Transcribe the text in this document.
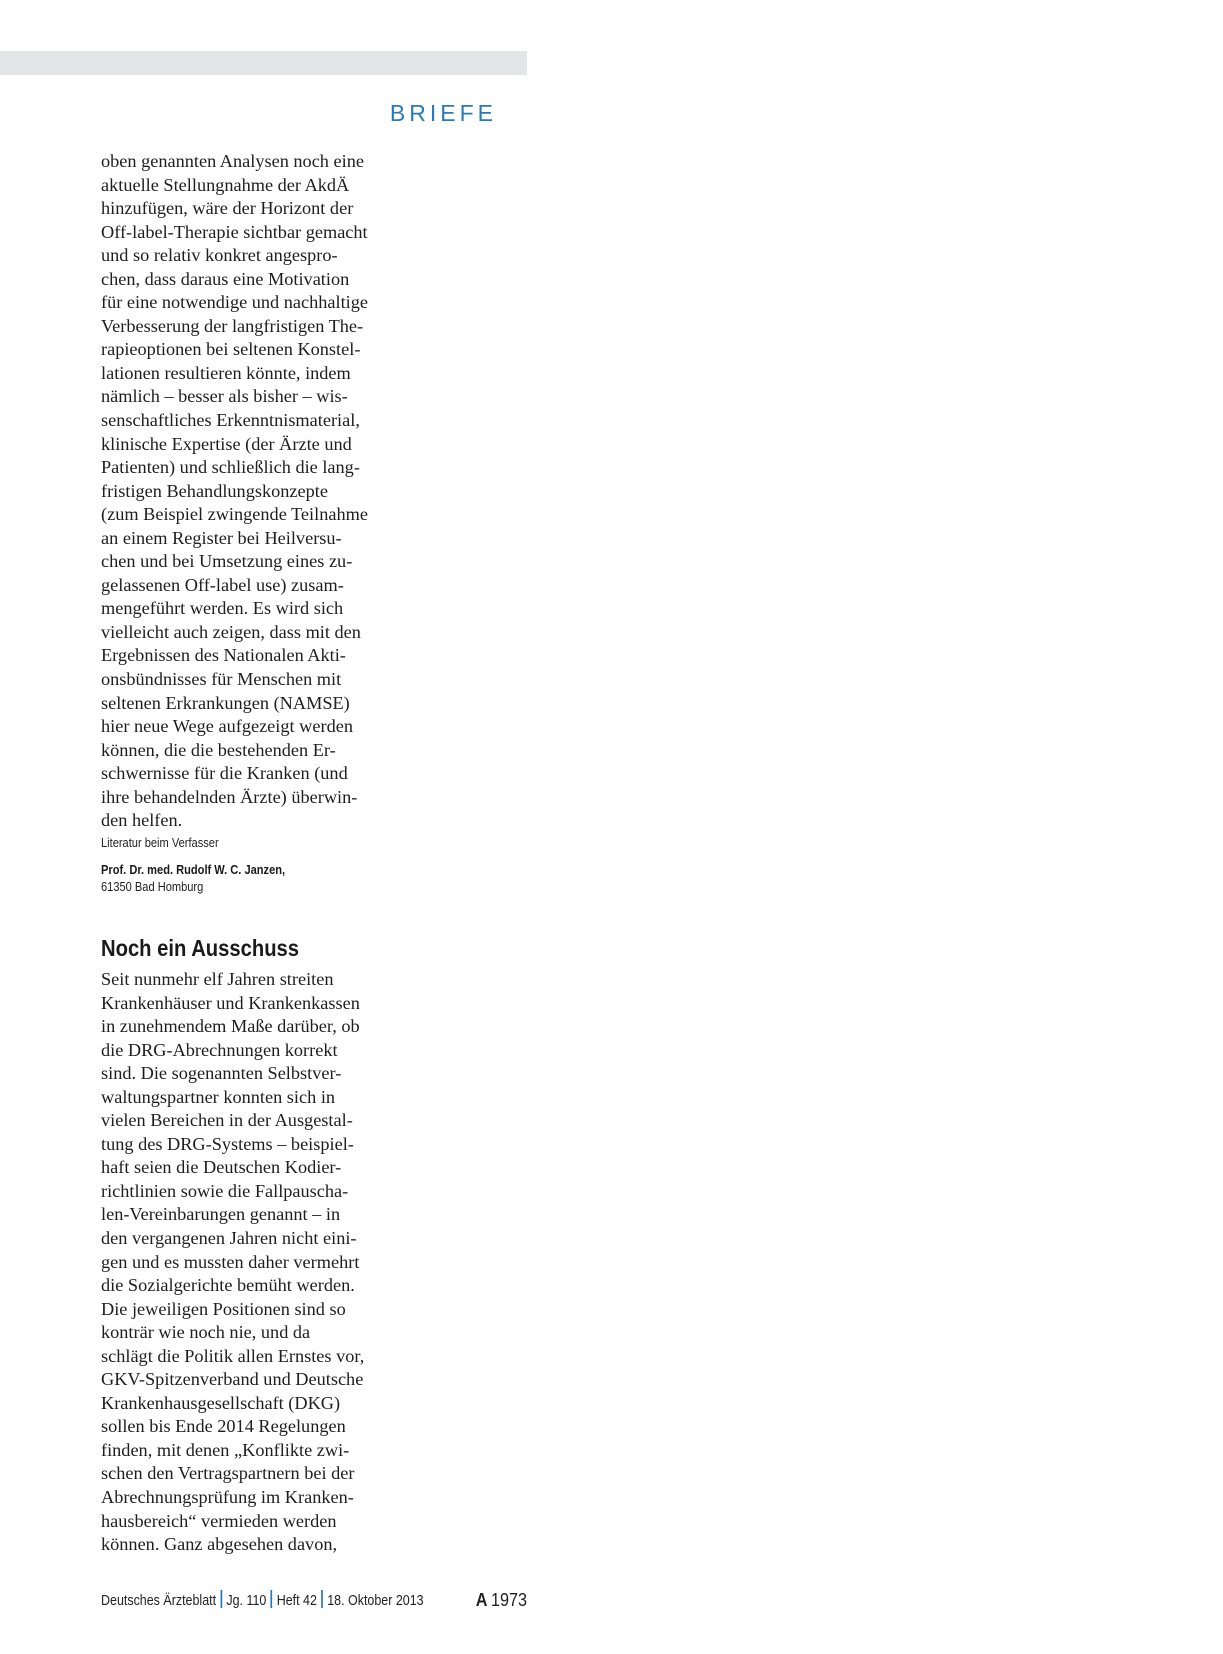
BRIEFE
oben genannten Analysen noch eine
aktuelle Stellungnahme der AkdÄ
hinzufügen, wäre der Horizont der
Off-label-Therapie sichtbar gemacht
und so relativ konkret angespro-
chen, dass daraus eine Motivation
für eine notwendige und nachhaltige
Verbesserung der langfristigen The-
rapieoptionen bei seltenen Konstel-
lationen resultieren könnte, indem
nämlich – besser als bisher – wis-
senschaftliches Erkenntnismaterial,
klinische Expertise (der Ärzte und
Patienten) und schließlich die lang-
fristigen Behandlungskonzepte
(zum Beispiel zwingende Teilnahme
an einem Register bei Heilversu-
chen und bei Umsetzung eines zu-
gelassenen Off-label use) zusam-
mengeführt werden. Es wird sich
vielleicht auch zeigen, dass mit den
Ergebnissen des Nationalen Akti-
onsbündnisses für Menschen mit
seltenen Erkrankungen (NAMSE)
hier neue Wege aufgezeigt werden
können, die die bestehenden Er-
schwernisse für die Kranken (und
ihre behandelnden Ärzte) überwin-
den helfen.
Literatur beim Verfasser
Prof. Dr. med. Rudolf W. C. Janzen,
61350 Bad Homburg
Noch ein Ausschuss
Seit nunmehr elf Jahren streiten
Krankenhäuser und Krankenkassen
in zunehmendem Maße darüber, ob
die DRG-Abrechnungen korrekt
sind. Die sogenannten Selbstver-
waltungspartner konnten sich in
vielen Bereichen in der Ausgestal-
tung des DRG-Systems – beispiel-
haft seien die Deutschen Kodier-
richtlinien sowie die Fallpauscha-
len-Vereinbarungen genannt – in
den vergangenen Jahren nicht eini-
gen und es mussten daher vermehrt
die Sozialgerichte bemüht werden.
Die jeweiligen Positionen sind so
konträr wie noch nie, und da
schlägt die Politik allen Ernstes vor,
GKV-Spitzenverband und Deutsche
Krankenhausgesellschaft (DKG)
sollen bis Ende 2014 Regelungen
finden, mit denen „Konflikte zwi-
schen den Vertragspartnern bei der
Abrechnungsprüfung im Kranken-
hausbereich“ vermieden werden
können. Ganz abgesehen davon,
Deutsches Ärzteblatt Jg. 110 Heft 42 18. Oktober 2013	A 1973
